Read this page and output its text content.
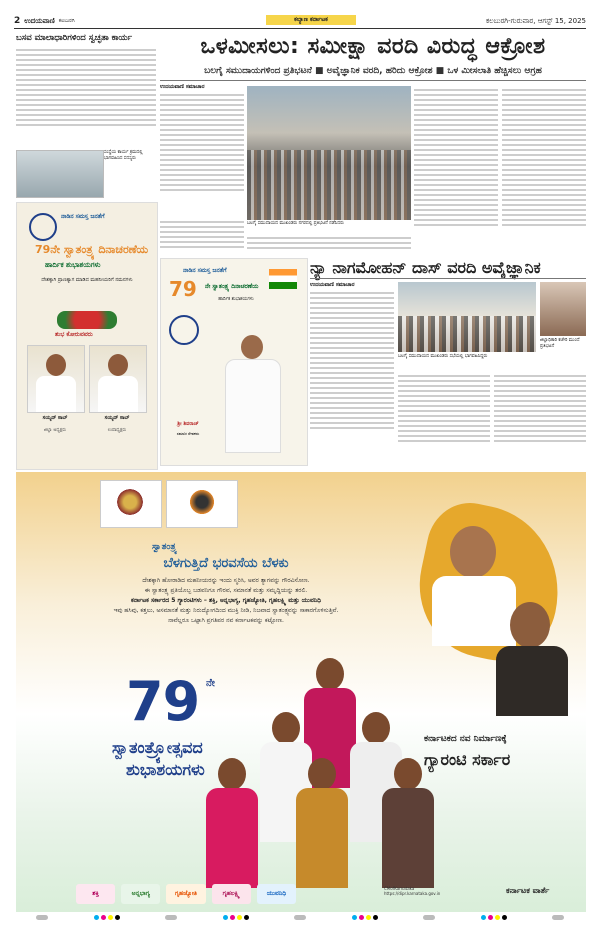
2 ಉದಯವಾಣಿ ಕಲಬುರಗಿ	ಕಲಬುರಗಿ-ಗುರುವಾರ, ಆಗಸ್ಟ್ 15, 2025
ಕಲ್ಯಾಣ ಕರ್ನಾಟಕ
ಬಸವ ಮಾಲಾಧಾರಿಗಳಿಂದ ಸ್ವಚ್ಛತಾ ಕಾರ್ಯ
ಸಂಸ್ಥೆಯ ಕಾರ್ಯ ಕ್ರಮದಲ್ಲಿ ಭಾಗವಹಿಸಿದ ಸದಸ್ಯರು
ನಾಡಿನ ಸಮಸ್ತ ಜನತೆಗೆ
79ನೇ ಸ್ವಾತಂತ್ರ್ಯ ದಿನಾಚರಣೆಯ
ಹಾರ್ದಿಕ ಶುಭಾಶಯಗಳು
ದೇಶಕ್ಕಾಗಿ ಪ್ರಾಣತ್ಯಾಗ ಮಾಡಿದ ಮಹನೀಯರಿಗೆ ನಮನಗಳು
ಶುಭ ಕೋರುವವರು
ಸಯ್ಯದ್ ಸಾಬ್	ಸಯ್ಯದ್ ಸಾಬ್
ಜಿಲ್ಲಾ ಅಧ್ಯಕ್ಷರು	ಉಪಾಧ್ಯಕ್ಷರು
ಒಳಮೀಸಲು: ಸಮೀಕ್ಷಾ ವರದಿ ವಿರುದ್ಧ ಆಕ್ರೋಶ
ಬಲಗೈ ಸಮುದಾಯಗಳಿಂದ ಪ್ರತಿಭಟನೆ ■ ಅವೈಜ್ಞಾನಿಕ ವರದಿ, ಹರಿದು ಆಕ್ರೋಶ ■ ಒಳ ಮೀಸಲಾತಿ ಹೆಚ್ಚಿಸಲು ಆಗ್ರಹ
ಉದಯವಾಣಿ ಸಮಾಚಾರ
ಬಲಗೈ ಸಮುದಾಯದ ಮುಖಂಡರು ನಗರದಲ್ಲಿ ಪ್ರತಿಭಟನೆ ನಡೆಸಿದರು
ನಾಡಿನ ಸಮಸ್ತ ಜನತೆಗೆ
79 ನೇ ಸ್ವಾತಂತ್ರ್ಯ ದಿನಾಚರಣೆಯ
ಹಾರ್ದಿಕ ಶುಭಾಶಯಗಳು
ಶ್ರೀ ಶಿವರಾಜ್
ಸಮಾಜ ಸೇವಕರು
ನ್ಯಾ ನಾಗಮೋಹನ್ ದಾಸ್ ವರದಿ ಅವೈಜ್ಞಾನಿಕ
ಉದಯವಾಣಿ ಸಮಾಚಾರ
ಬಲಗೈ ಸಮುದಾಯದ ಮುಖಂಡರು ಸಭೆಯಲ್ಲಿ ಭಾಗವಹಿಸಿದ್ದರು
ಜಿಲ್ಲಾಧಿಕಾರಿ ಕಚೇರಿ ಮುಂದೆ ಪ್ರತಿಭಟನೆ
ಸ್ವಾತಂತ್ರ್ಯ
ಬೆಳಗುತ್ತಿದೆ ಭರವಸೆಯ ಬೆಳಕು
ದೇಶಕ್ಕಾಗಿ ಹೋರಾಡಿದ ಮಹನೀಯರನ್ನು ಇಂದು ಸ್ಮರಿಸಿ, ಅವರ ತ್ಯಾಗವನ್ನು ಗೌರವಿಸೋಣ.
ಈ ಸ್ವಾತಂತ್ರ್ಯ ಪ್ರತಿಯೊಬ್ಬ ಬಡವನಿಗೂ ಗೌರವ, ಸಮಾನತೆ ಮತ್ತು ಸಮೃದ್ಧಿಯನ್ನು ತರಲಿ.
ಕರ್ನಾಟಕ ಸರ್ಕಾರದ 5 ಗ್ಯಾರಂಟಿಗಳು – ಶಕ್ತಿ, ಅನ್ನಭಾಗ್ಯ, ಗೃಹಜ್ಯೋತಿ, ಗೃಹಲಕ್ಷ್ಮಿ ಮತ್ತು ಯುವನಿಧಿ
ಇವು ಹಸಿವು, ಕತ್ತಲು, ಅಸಮಾನತೆ ಮತ್ತು ನಿರುದ್ಯೋಗದಿಂದ ಮುಕ್ತಿ ನೀಡಿ, ನಿಜವಾದ ಸ್ವಾತಂತ್ರ್ಯವನ್ನು ಸಾಕಾರಗೊಳಿಸುತ್ತಿವೆ.
ನಾವೆಲ್ಲರೂ ಒಟ್ಟಾಗಿ ಪ್ರಗತಿಪರ ನವ ಕರ್ನಾಟಕವನ್ನು ಕಟ್ಟೋಣ.
79 ನೇ
ಸ್ವಾತಂತ್ರ್ಯೋತ್ಸವದ
ಶುಭಾಶಯಗಳು
ಕರ್ನಾಟಕದ ನವ ನಿರ್ಮಾಣಕ್ಕೆ
ಗ್ಯಾರಂಟಿ ಸರ್ಕಾರ
ಶಕ್ತಿ	ಅನ್ನಭಾಗ್ಯ	ಗೃಹಜ್ಯೋತಿ	ಗೃಹಲಕ್ಷ್ಮಿ	ಯುವನಿಧಿ
CMofKarnataka
https://dipr.karnataka.gov.in	ಕರ್ನಾಟಕ ವಾರ್ತೆ
